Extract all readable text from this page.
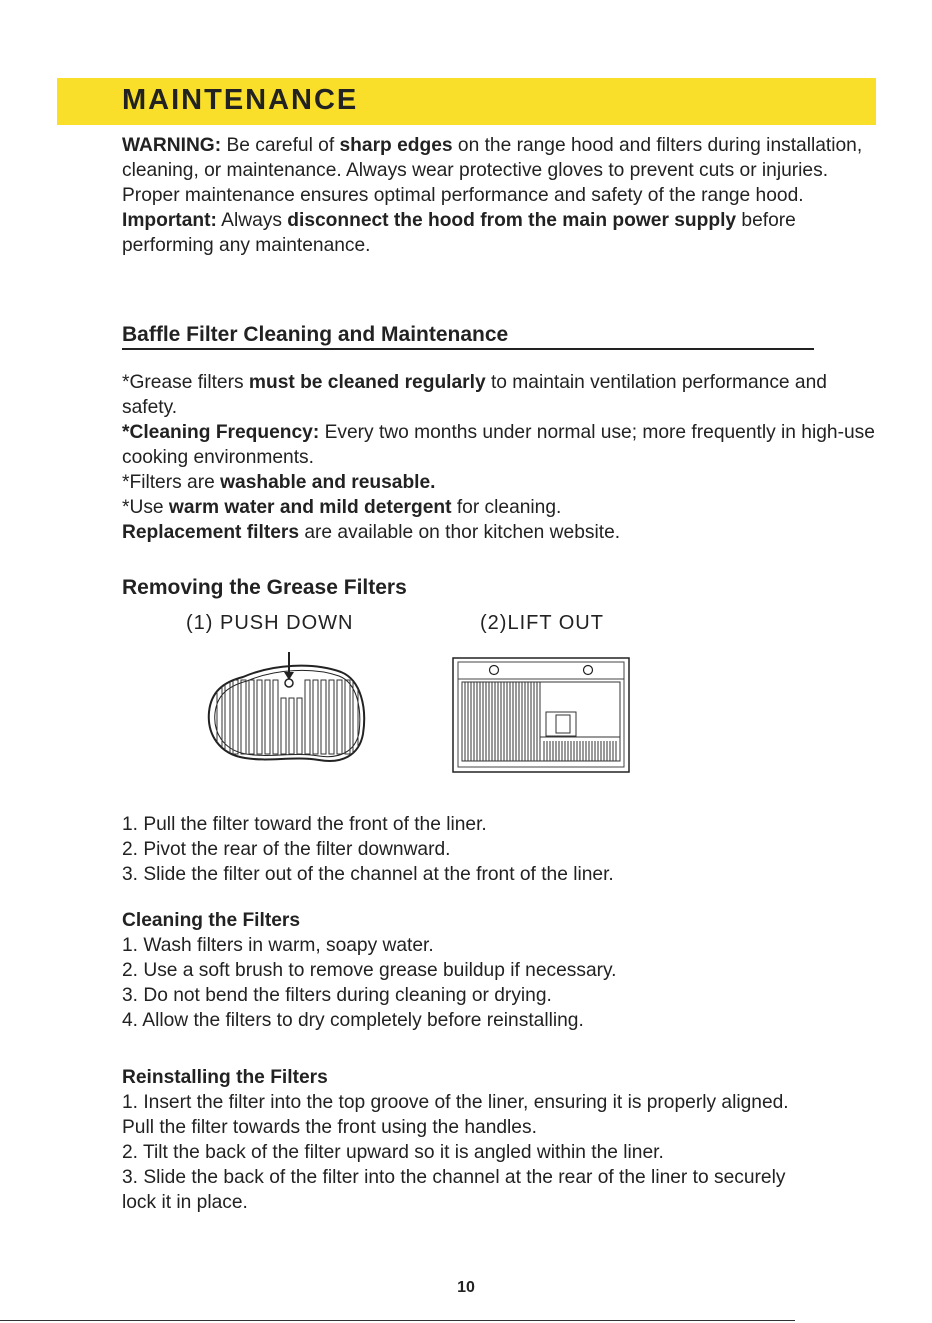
MAINTENANCE

WARNING: Be careful of sharp edges on the range hood and filters during installation, cleaning, or maintenance. Always wear protective gloves to prevent cuts or injuries.

Proper maintenance ensures optimal performance and safety of the range hood.

Important: Always disconnect the hood from the main power supply before performing any maintenance.

Baffle Filter Cleaning and Maintenance

*Grease filters must be cleaned regularly to maintain ventilation performance and safety.

*Cleaning Frequency: Every two months under normal use; more frequently in high-use cooking environments.

*Filters are washable and reusable.

*Use warm water and mild detergent for cleaning.

Replacement filters are available on thor kitchen website.

Removing the Grease Filters
(1) PUSH DOWN	(2)LIFT OUT

1. Pull the filter toward the front of the liner.

2. Pivot the rear of the filter downward.

3. Slide the filter out of the channel at the front of the liner.

Cleaning the Filters

1. Wash filters in warm, soapy water.

2. Use a soft brush to remove grease buildup if necessary.

3. Do not bend the filters during cleaning or drying.

4. Allow the filters to dry completely before reinstalling.

Reinstalling the Filters

1. Insert the filter into the top groove of the liner, ensuring it is properly aligned. Pull the filter towards the front using the handles.

2. Tilt the back of the filter upward so it is angled within the liner.

3. Slide the back of the filter into the channel at the rear of the liner to securely lock it in place.

10
